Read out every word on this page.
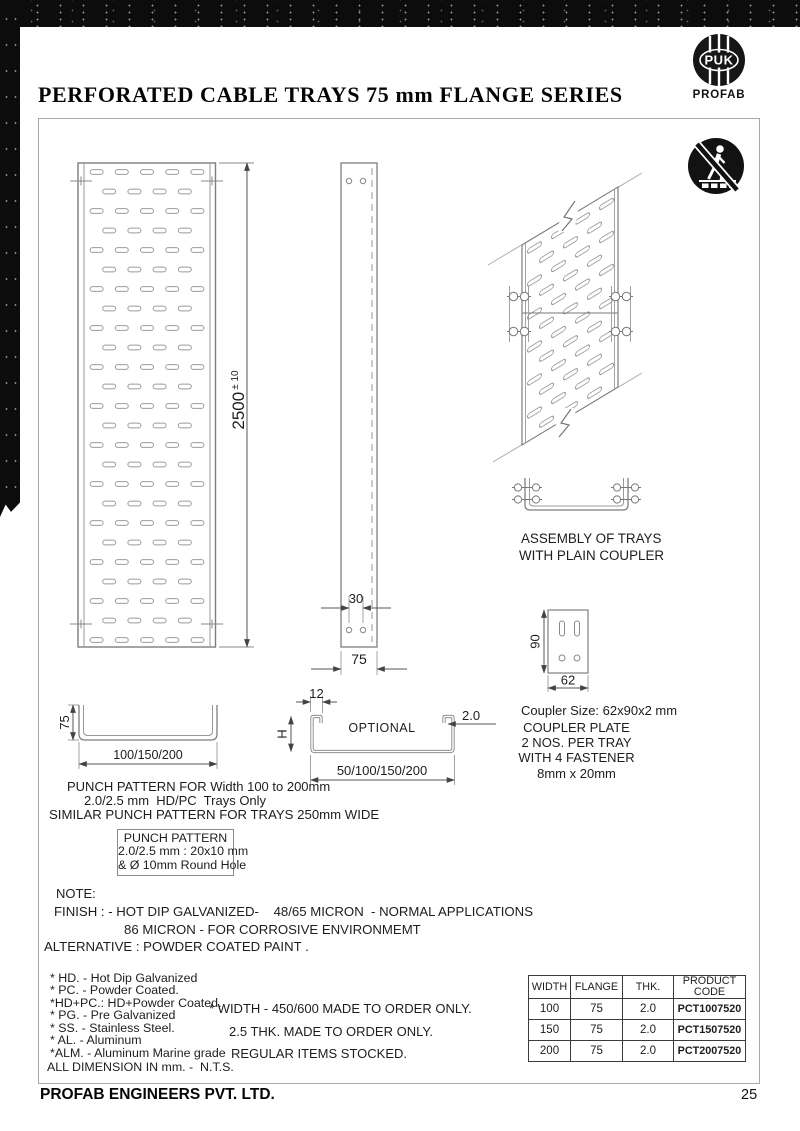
PUK
PROFAB
PERFORATED CABLE TRAYS 75 mm FLANGE SERIES
$2500^{\pm 10}$
30
75
75
100/150/200
12
H	OPTIONAL
2.0
50/100/150/200
90
62
PUNCH PATTERN FOR Width 100 to 200mm
2.0/2.5 mm  HD/PC  Trays Only
SIMILAR PUNCH PATTERN FOR TRAYS 250mm WIDE
PUNCH PATTERN
2.0/2.5 mm : 20x10 mm
& Ø 10mm Round Hole
NOTE:
FINISH : - HOT DIP GALVANIZED-    48/65 MICRON  - NORMAL APPLICATIONS
86 MICRON - FOR CORROSIVE ENVIRONMEMT
ALTERNATIVE : POWDER COATED PAINT .
* HD. - Hot Dip Galvanized
* PC. - Powder Coated.
*HD+PC.: HD+Powder Coated.
* PG. - Pre Galvanized
* SS. - Stainless Steel.
* AL. - Aluminum
*ALM. - Aluminum Marine grade
ALL DIMENSION IN mm. -  N.T.S.
* WIDTH - 450/600 MADE TO ORDER ONLY.
2.5 THK. MADE TO ORDER ONLY.
REGULAR ITEMS STOCKED.
ASSEMBLY OF TRAYS
WITH PLAIN COUPLER
Coupler Size: 62x90x2 mm
COUPLER PLATE
2 NOS. PER TRAY
WITH 4 FASTENER
8mm x 20mm
WIDTH	FLANGE	THK.	PRODUCT CODE
100	75	2.0	PCT1007520
150	75	2.0	PCT1507520
200	75	2.0	PCT2007520
PROFAB ENGINEERS PVT. LTD.	25
